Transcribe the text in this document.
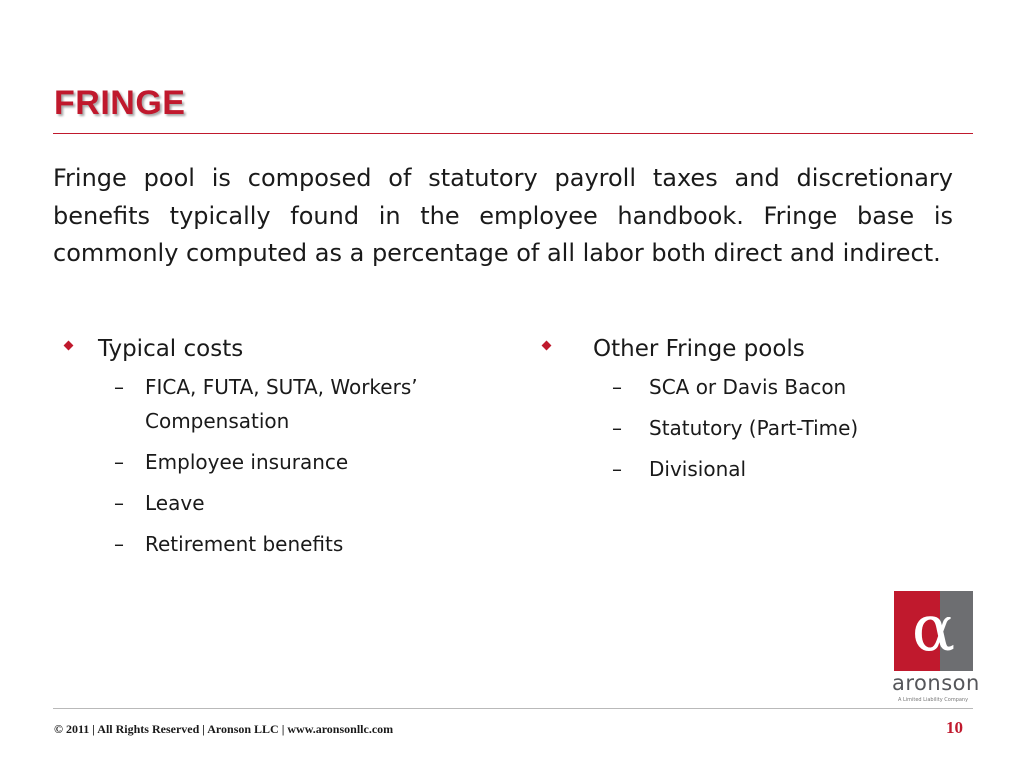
FRINGE

Fringe pool is composed of statutory payroll taxes and discretionary benefits typically found in the employee handbook. Fringe base is commonly computed as a percentage of all labor both direct and indirect.

Typical costs
– FICA, FUTA, SUTA, Workers’
Compensation
– Employee insurance
– Leave
– Retirement benefits
Other Fringe pools
– SCA or Davis Bacon
– Statutory (Part-Time)
– Divisional
α
aronson
A Limited Liability Company
© 2011 | All Rights Reserved | Aronson LLC | www.aronsonllc.com	10
